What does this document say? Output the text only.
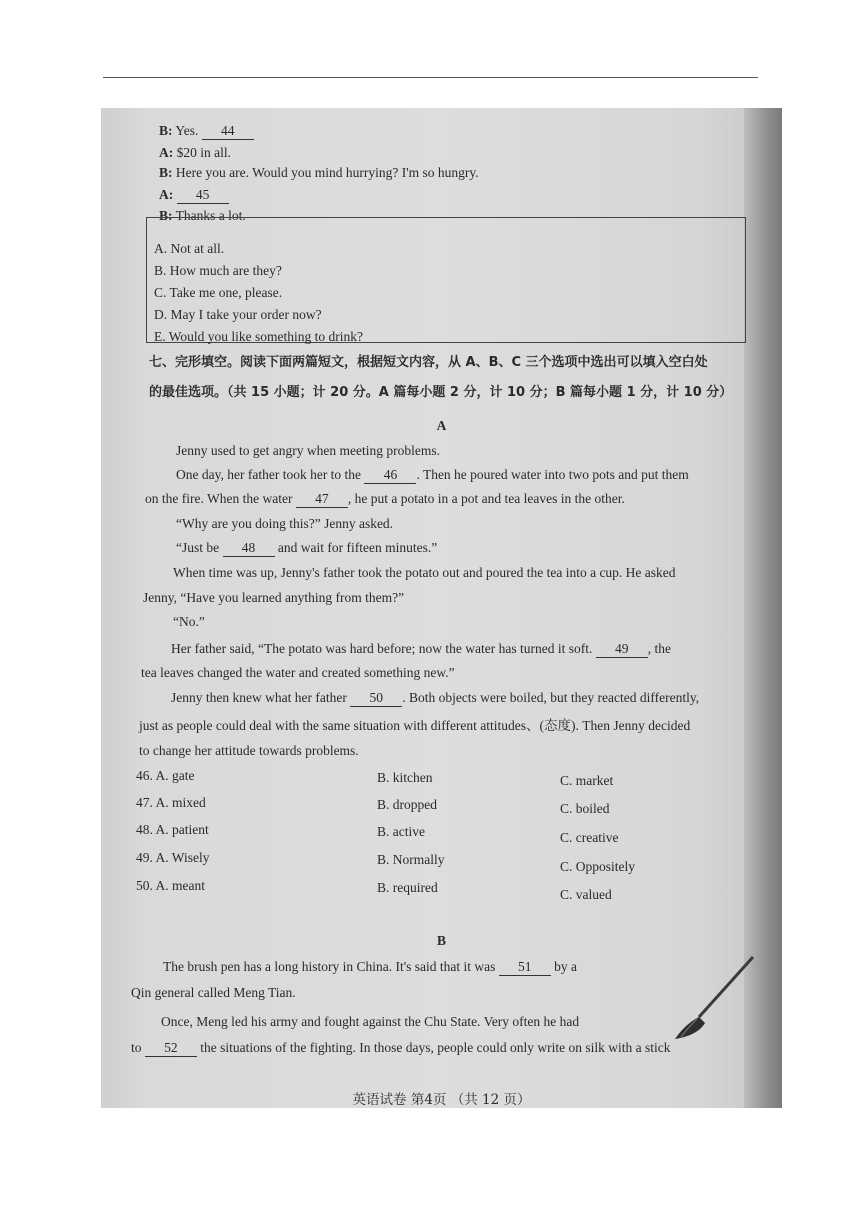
B: Yes. 44
A: $20 in all.
B: Here you are. Would you mind hurrying? I'm so hungry.
A: 45
B: Thanks a lot.
A. Not at all.
B. How much are they?
C. Take me one, please.
D. May I take your order now?
E. Would you like something to drink?
七、完形填空。阅读下面两篇短文，根据短文内容，从 A、B、C 三个选项中选出可以填入空白处
的最佳选项。（共 15 小题；计 20 分。A 篇每小题 2 分，计 10 分；B 篇每小题 1 分，计 10 分）
A
Jenny used to get angry when meeting problems.
One day, her father took her to the 46 . Then he poured water into two pots and put them
on the fire. When the water 47 , he put a potato in a pot and tea leaves in the other.
“Why are you doing this?” Jenny asked.
“Just be 48 and wait for fifteen minutes.”
When time was up, Jenny's father took the potato out and poured the tea into a cup. He asked
Jenny, “Have you learned anything from them?”
“No.”
Her father said, “The potato was hard before; now the water has turned it soft. 49 , the
tea leaves changed the water and created something new.”
Jenny then knew what her father 50 . Both objects were boiled, but they reacted differently,
just as people could deal with the same situation with different attitudes、(态度). Then Jenny decided
to change her attitude towards problems.
46. A. gate	B. kitchen	C. market
47. A. mixed	B. dropped	C. boiled
48. A. patient	B. active	C. creative
49. A. Wisely	B. Normally	C. Oppositely
50. A. meant	B. required	C. valued
B
The brush pen has a long history in China. It's said that it was 51 by a
Qin general called Meng Tian.
Once, Meng led his army and fought against the Chu State. Very often he had
to 52 the situations of the fighting. In those days, people could only write on silk with a stick
英语试卷 第4页 （共 12 页）
